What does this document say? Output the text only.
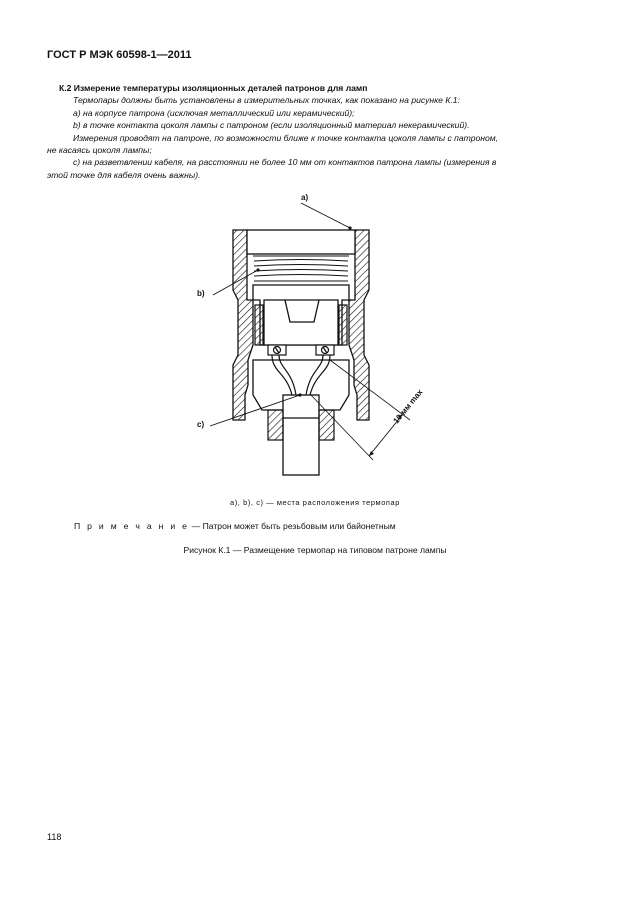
ГОСТ Р МЭК 60598-1—2011

К.2 Измерение температуры изоляционных деталей патронов для ламп

Термопары должны быть установлены в измерительных точках, как показано на рисунке К.1:

а) на корпусе патрона (исключая металлический или керамический);

b) в точке контакта цоколя лампы с патроном (если изоляционный материал некерамический).

Измерения проводят на патроне, по возможности ближе к точке контакта цоколя лампы с патроном,

не касаясь цоколя лампы;

с) на разветвлении кабеля, на расстоянии не более 10 мм от контактов патрона лампы (измерения в

этой точке для кабеля очень важны).

a)
b)
c)	10 мм max
а), b), c) — места расположения термопар
П р и м е ч а н и е — Патрон может быть резьбовым или байонетным
Рисунок К.1 — Размещение термопар на типовом патроне лампы
118
